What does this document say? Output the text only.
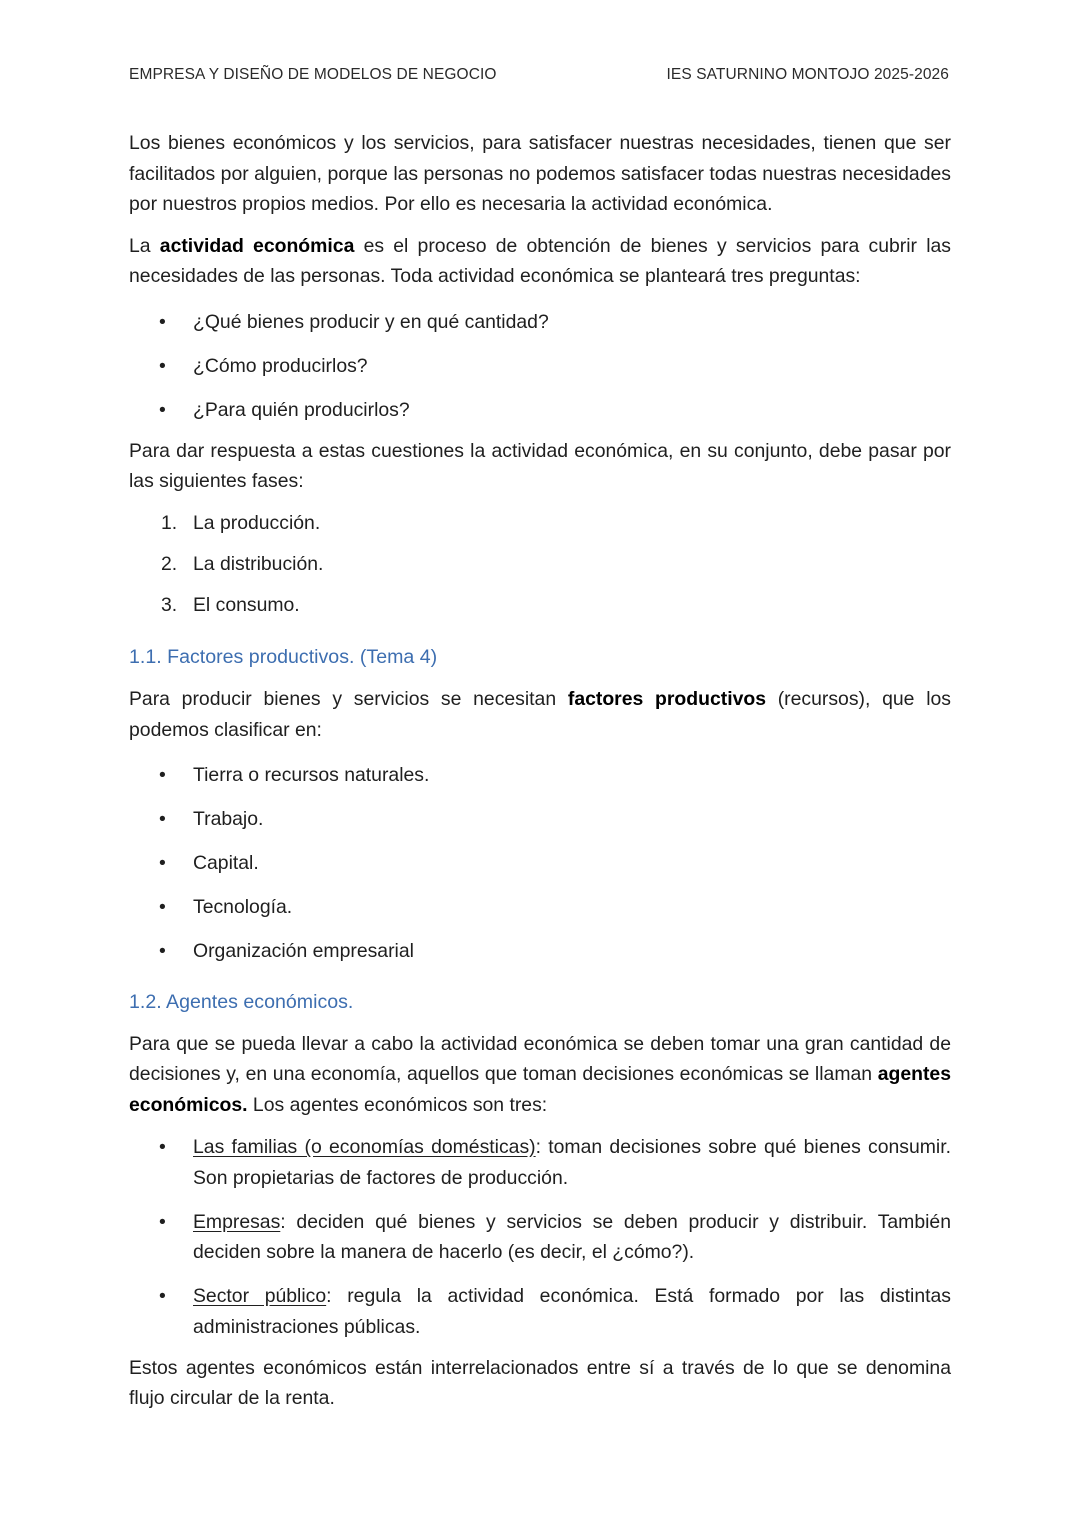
EMPRESA Y DISEÑO DE MODELOS DE NEGOCIO	IES SATURNINO MONTOJO 2025-2026

Los bienes económicos y los servicios, para satisfacer nuestras necesidades, tienen que ser facilitados por alguien, porque las personas no podemos satisfacer todas nuestras necesidades por nuestros propios medios. Por ello es necesaria la actividad económica.

La actividad económica es el proceso de obtención de bienes y servicios para cubrir las necesidades de las personas. Toda actividad económica se planteará tres preguntas:

• ¿Qué bienes producir y en qué cantidad?
• ¿Cómo producirlos?
• ¿Para quién producirlos?

Para dar respuesta a estas cuestiones la actividad económica, en su conjunto, debe pasar por las siguientes fases:

1. La producción.
2. La distribución.
3. El consumo.
1.1. Factores productivos. (Tema 4)

Para producir bienes y servicios se necesitan factores productivos (recursos), que los podemos clasificar en:

• Tierra o recursos naturales.
• Trabajo.
• Capital.
• Tecnología.
• Organización empresarial
1.2. Agentes económicos.

Para que se pueda llevar a cabo la actividad económica se deben tomar una gran cantidad de decisiones y, en una economía, aquellos que toman decisiones económicas se llaman agentes económicos. Los agentes económicos son tres:

• Las familias (o economías domésticas): toman decisiones sobre qué bienes consumir. Son propietarias de factores de producción.
• Empresas: deciden qué bienes y servicios se deben producir y distribuir. También deciden sobre la manera de hacerlo (es decir, el ¿cómo?).
• Sector público: regula la actividad económica. Está formado por las distintas administraciones públicas.

Estos agentes económicos están interrelacionados entre sí a través de lo que se denomina flujo circular de la renta.
